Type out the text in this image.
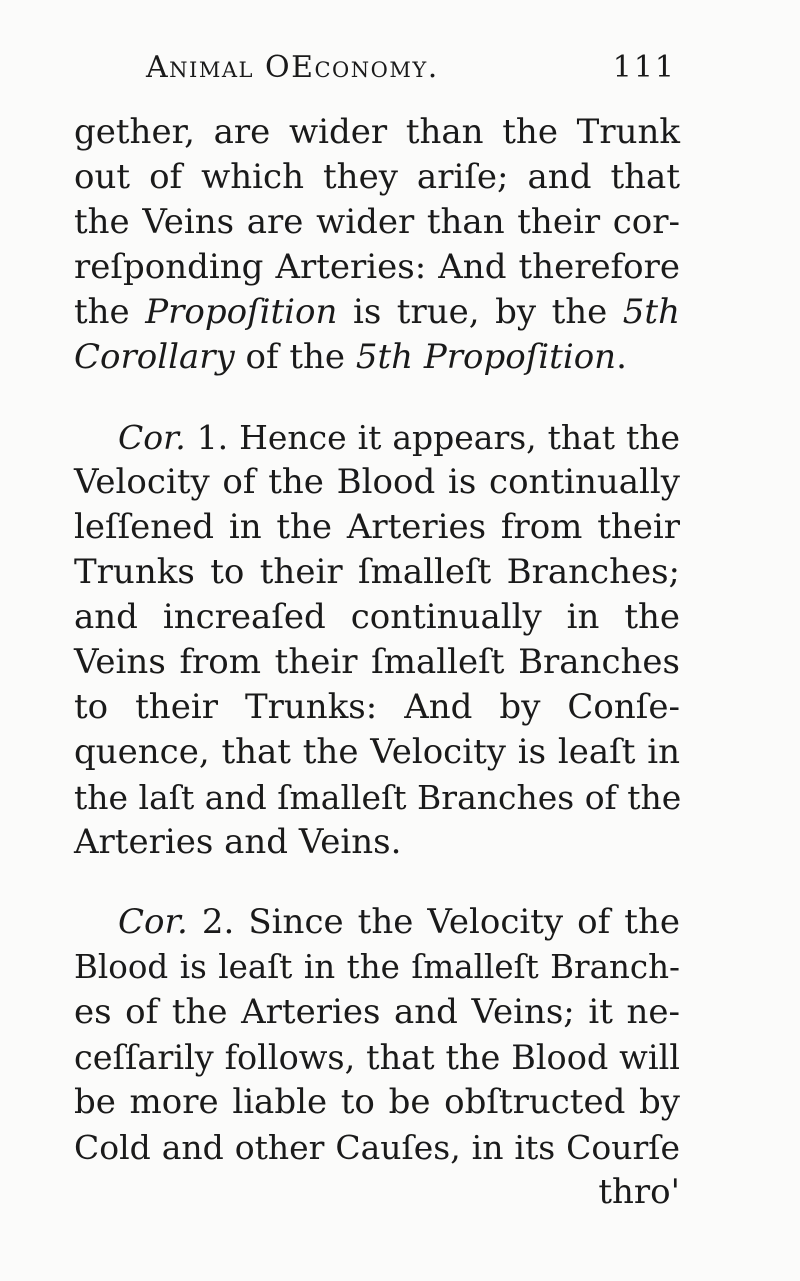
Animal OEconomy.	111
gether, are wider than the Trunk
out of which they ariſe; and that
the Veins are wider than their cor-
reſponding Arteries: And therefore
the Propoſition is true, by the 5th
Corollary of the 5th Propoſition.
Cor. 1. Hence it appears, that the
Velocity of the Blood is continually
leſſened in the Arteries from their
Trunks to their ſmalleſt Branches;
and increaſed continually in the
Veins from their ſmalleſt Branches
to their Trunks: And by Conſe-
quence, that the Velocity is leaſt in
the laſt and ſmalleſt Branches of the
Arteries and Veins.
Cor. 2. Since the Velocity of the
Blood is leaſt in the ſmalleſt Branch-
es of the Arteries and Veins; it ne-
ceſſarily follows, that the Blood will
be more liable to be obſtructed by
Cold and other Cauſes, in its Courſe
thro'
